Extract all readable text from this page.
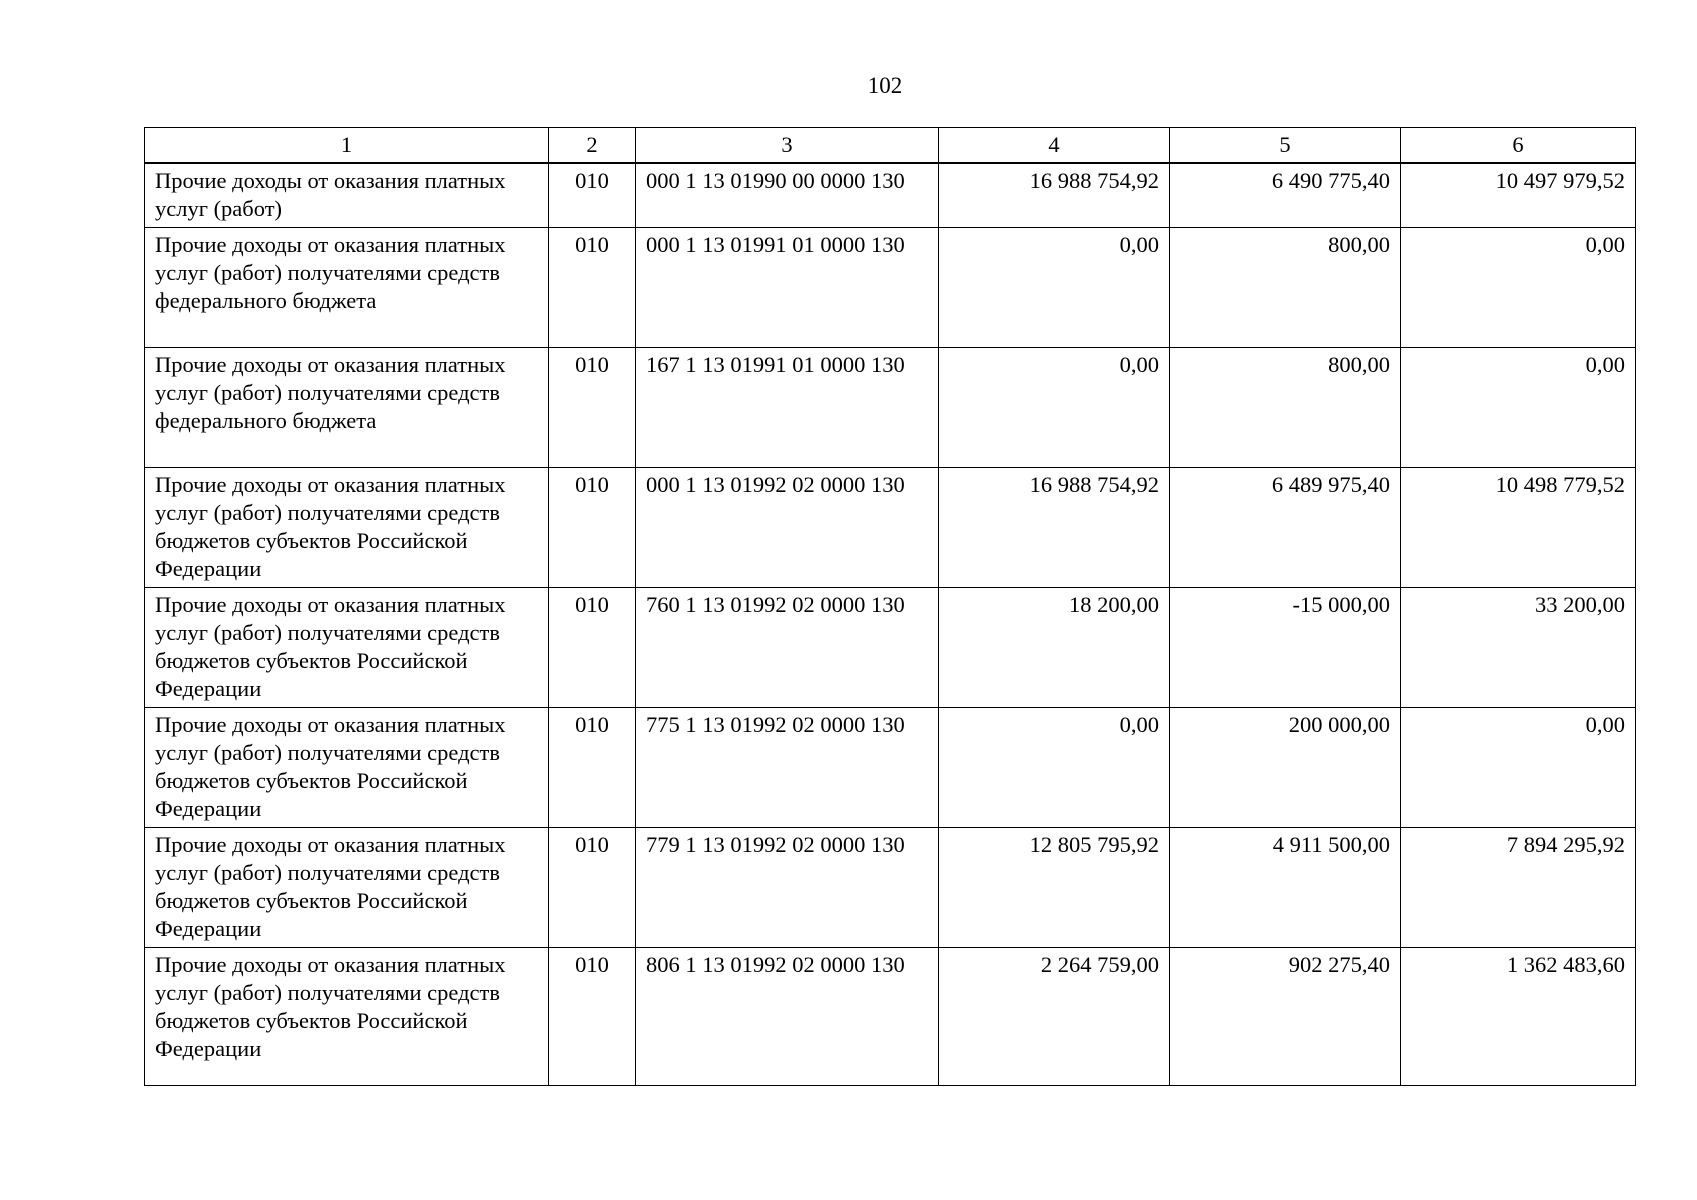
102
1	2	3	4	5	6
Прочие доходы от оказания платных услуг (работ)	010	000 1 13 01990 00 0000 130	16 988 754,92	6 490 775,40	10 497 979,52
Прочие доходы от оказания платных услуг (работ) получателями средств федерального бюджета	010	000 1 13 01991 01 0000 130	0,00	800,00	0,00
Прочие доходы от оказания платных услуг (работ) получателями средств федерального бюджета	010	167 1 13 01991 01 0000 130	0,00	800,00	0,00
Прочие доходы от оказания платных услуг (работ) получателями средств бюджетов субъектов Российской Федерации	010	000 1 13 01992 02 0000 130	16 988 754,92	6 489 975,40	10 498 779,52
Прочие доходы от оказания платных услуг (работ) получателями средств бюджетов субъектов Российской Федерации	010	760 1 13 01992 02 0000 130	18 200,00	-15 000,00	33 200,00
Прочие доходы от оказания платных услуг (работ) получателями средств бюджетов субъектов Российской Федерации	010	775 1 13 01992 02 0000 130	0,00	200 000,00	0,00
Прочие доходы от оказания платных услуг (работ) получателями средств бюджетов субъектов Российской Федерации	010	779 1 13 01992 02 0000 130	12 805 795,92	4 911 500,00	7 894 295,92
Прочие доходы от оказания платных услуг (работ) получателями средств бюджетов субъектов Российской Федерации	010	806 1 13 01992 02 0000 130	2 264 759,00	902 275,40	1 362 483,60
